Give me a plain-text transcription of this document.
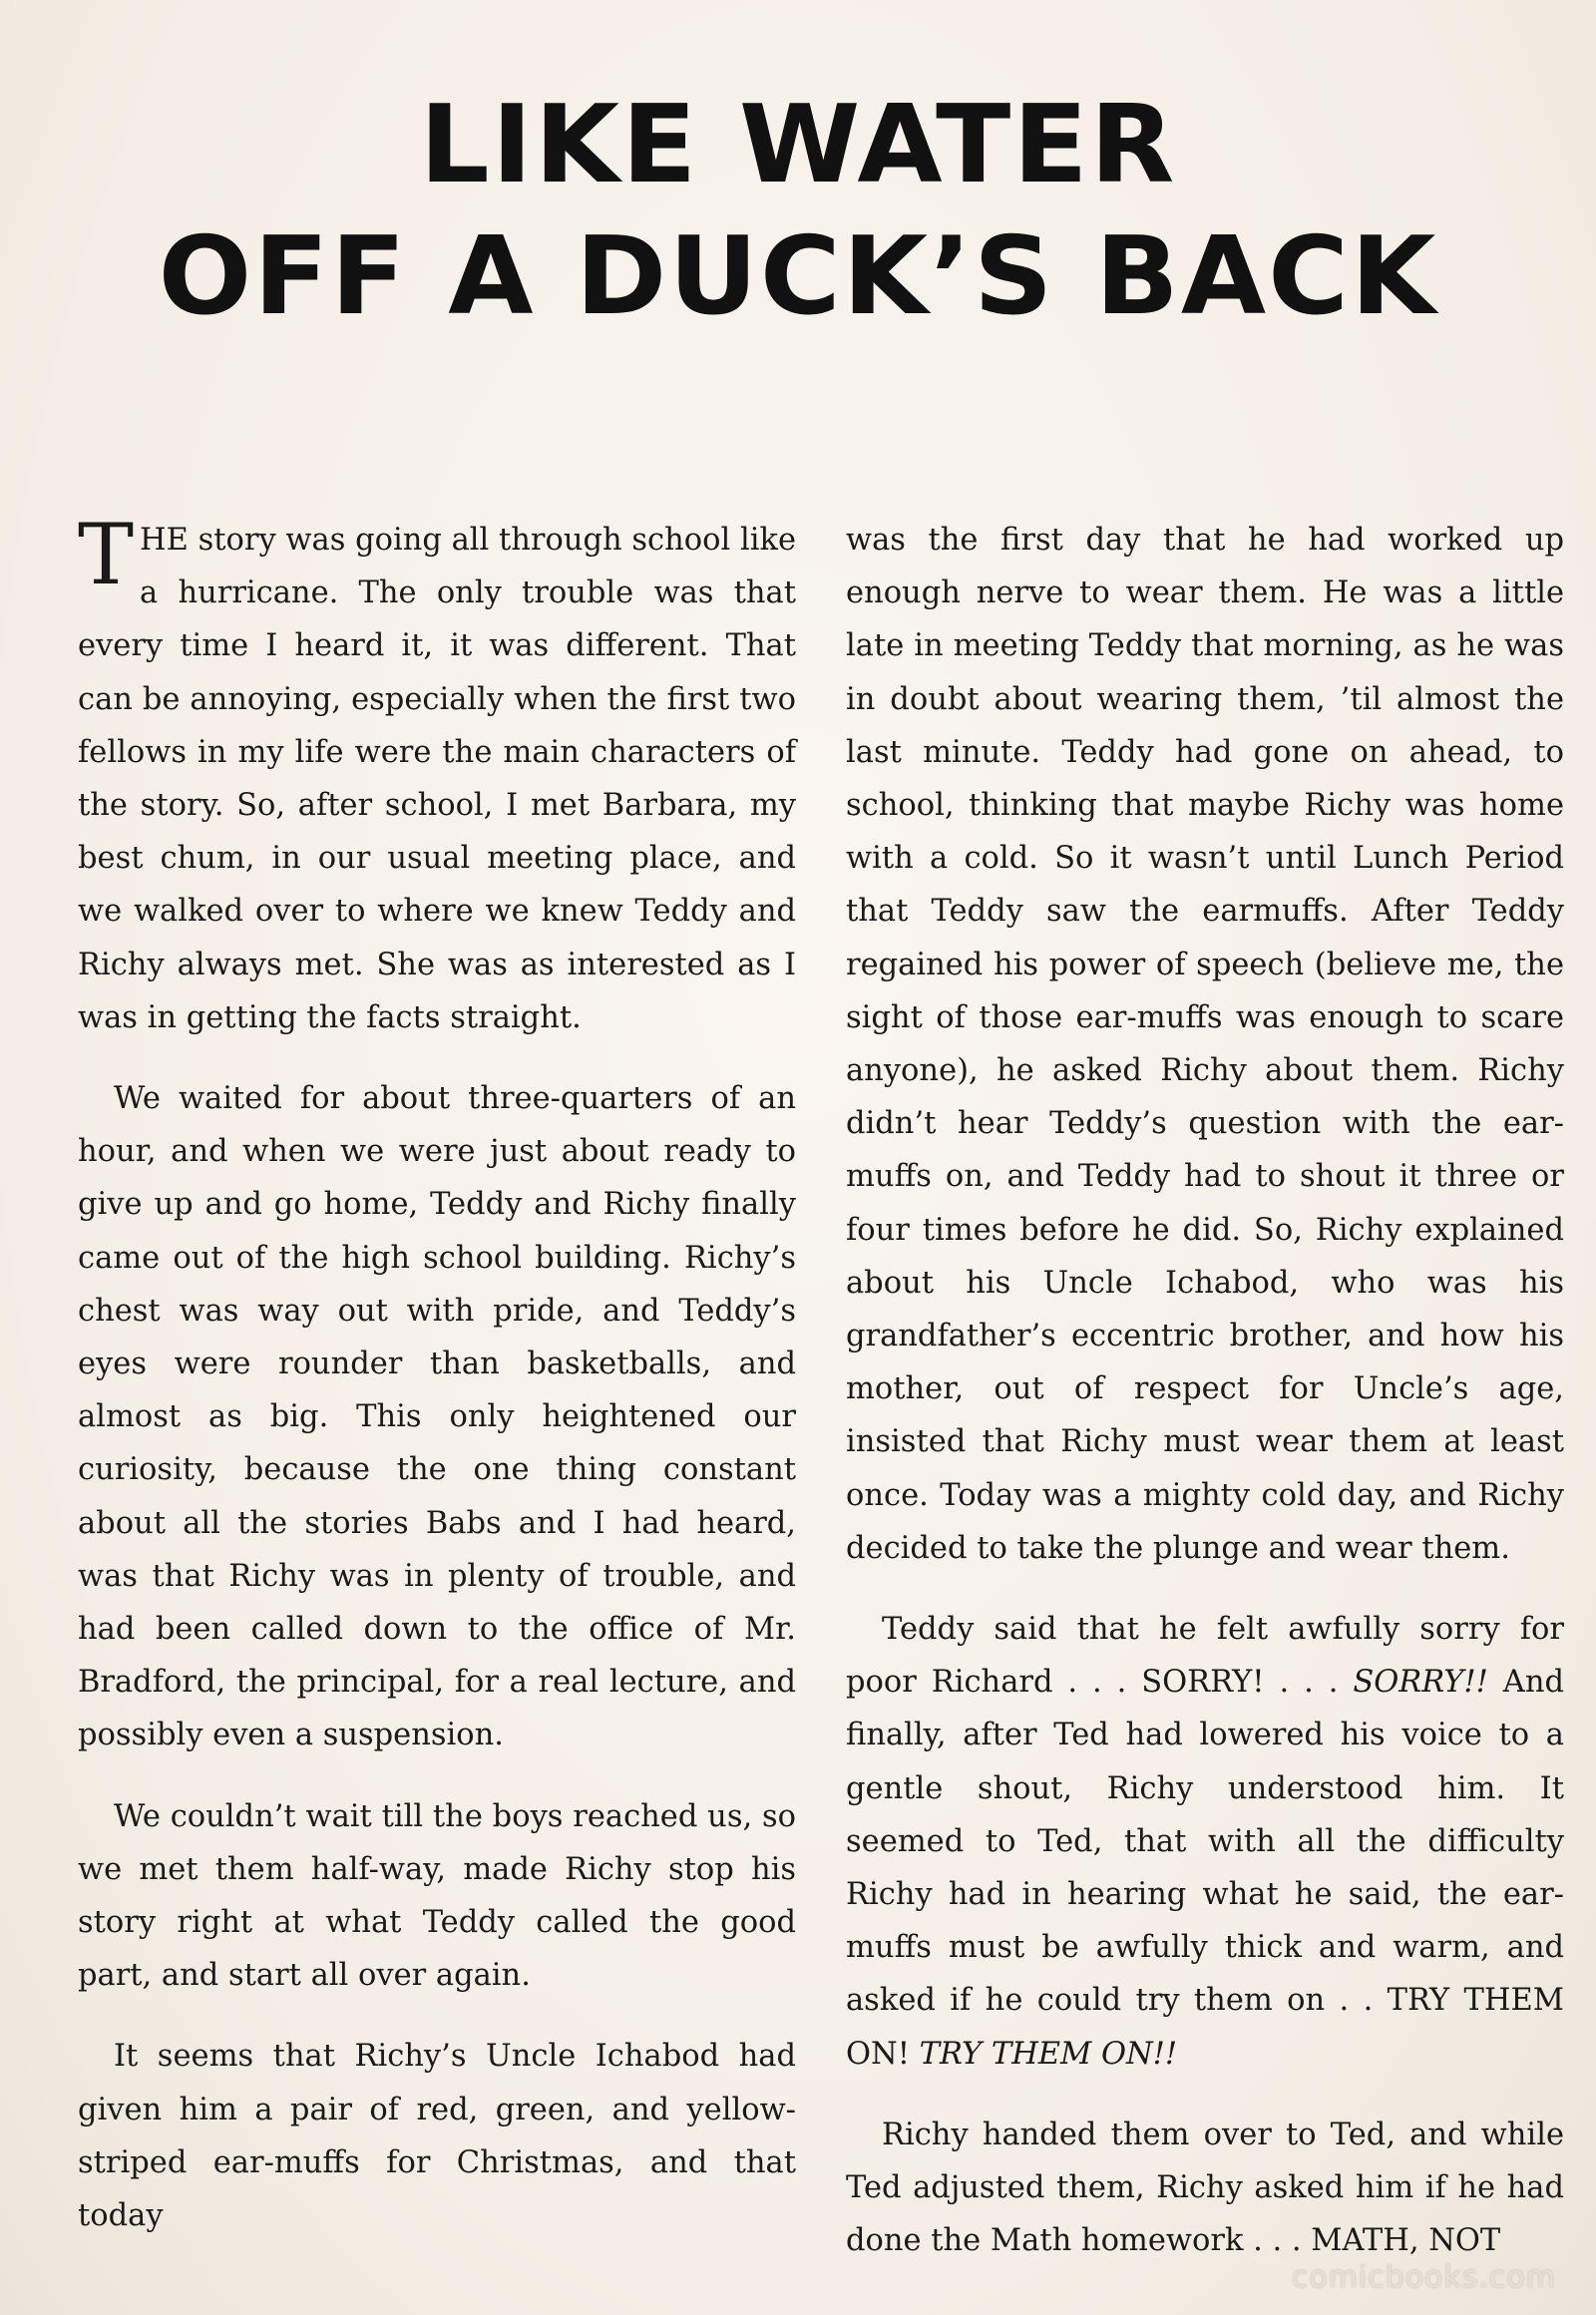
LIKE WATER
OFF A DUCK’S BACK

THE story was going all through school like a hurricane. The only trouble was that every time I heard it, it was different. That can be annoying, especially when the first two fellows in my life were the main characters of the story. So, after school, I met Barbara, my best chum, in our usual meeting place, and we walked over to where we knew Teddy and Richy always met. She was as interested as I was in getting the facts straight.

We waited for about three-quarters of an hour, and when we were just about ready to give up and go home, Teddy and Richy finally came out of the high school building. Richy’s chest was way out with pride, and Teddy’s eyes were rounder than basketballs, and almost as big. This only heightened our curiosity, because the one thing constant about all the stories Babs and I had heard, was that Richy was in plenty of trouble, and had been called down to the office of Mr. Bradford, the principal, for a real lecture, and possibly even a suspension.

We couldn’t wait till the boys reached us, so we met them half-way, made Richy stop his story right at what Teddy called the good part, and start all over again.

It seems that Richy’s Uncle Ichabod had given him a pair of red, green, and yellow-striped ear-muffs for Christmas, and that today

was the first day that he had worked up enough nerve to wear them. He was a little late in meeting Teddy that morning, as he was in doubt about wearing them, ’til almost the last minute. Teddy had gone on ahead, to school, thinking that maybe Richy was home with a cold. So it wasn’t until Lunch Period that Teddy saw the earmuffs. After Teddy regained his power of speech (believe me, the sight of those ear-muffs was enough to scare anyone), he asked Richy about them. Richy didn’t hear Teddy’s question with the ear-muffs on, and Teddy had to shout it three or four times before he did. So, Richy explained about his Uncle Ichabod, who was his grandfather’s eccentric brother, and how his mother, out of respect for Uncle’s age, insisted that Richy must wear them at least once. Today was a mighty cold day, and Richy decided to take the plunge and wear them.

Teddy said that he felt awfully sorry for poor Richard . . . SORRY! . . . SORRY!! And finally, after Ted had lowered his voice to a gentle shout, Richy understood him. It seemed to Ted, that with all the difficulty Richy had in hearing what he said, the ear-muffs must be awfully thick and warm, and asked if he could try them on . . TRY THEM ON! TRY THEM ON!!

Richy handed them over to Ted, and while Ted adjusted them, Richy asked him if he had done the Math homework . . . MATH, NOT

comicbooks.com
